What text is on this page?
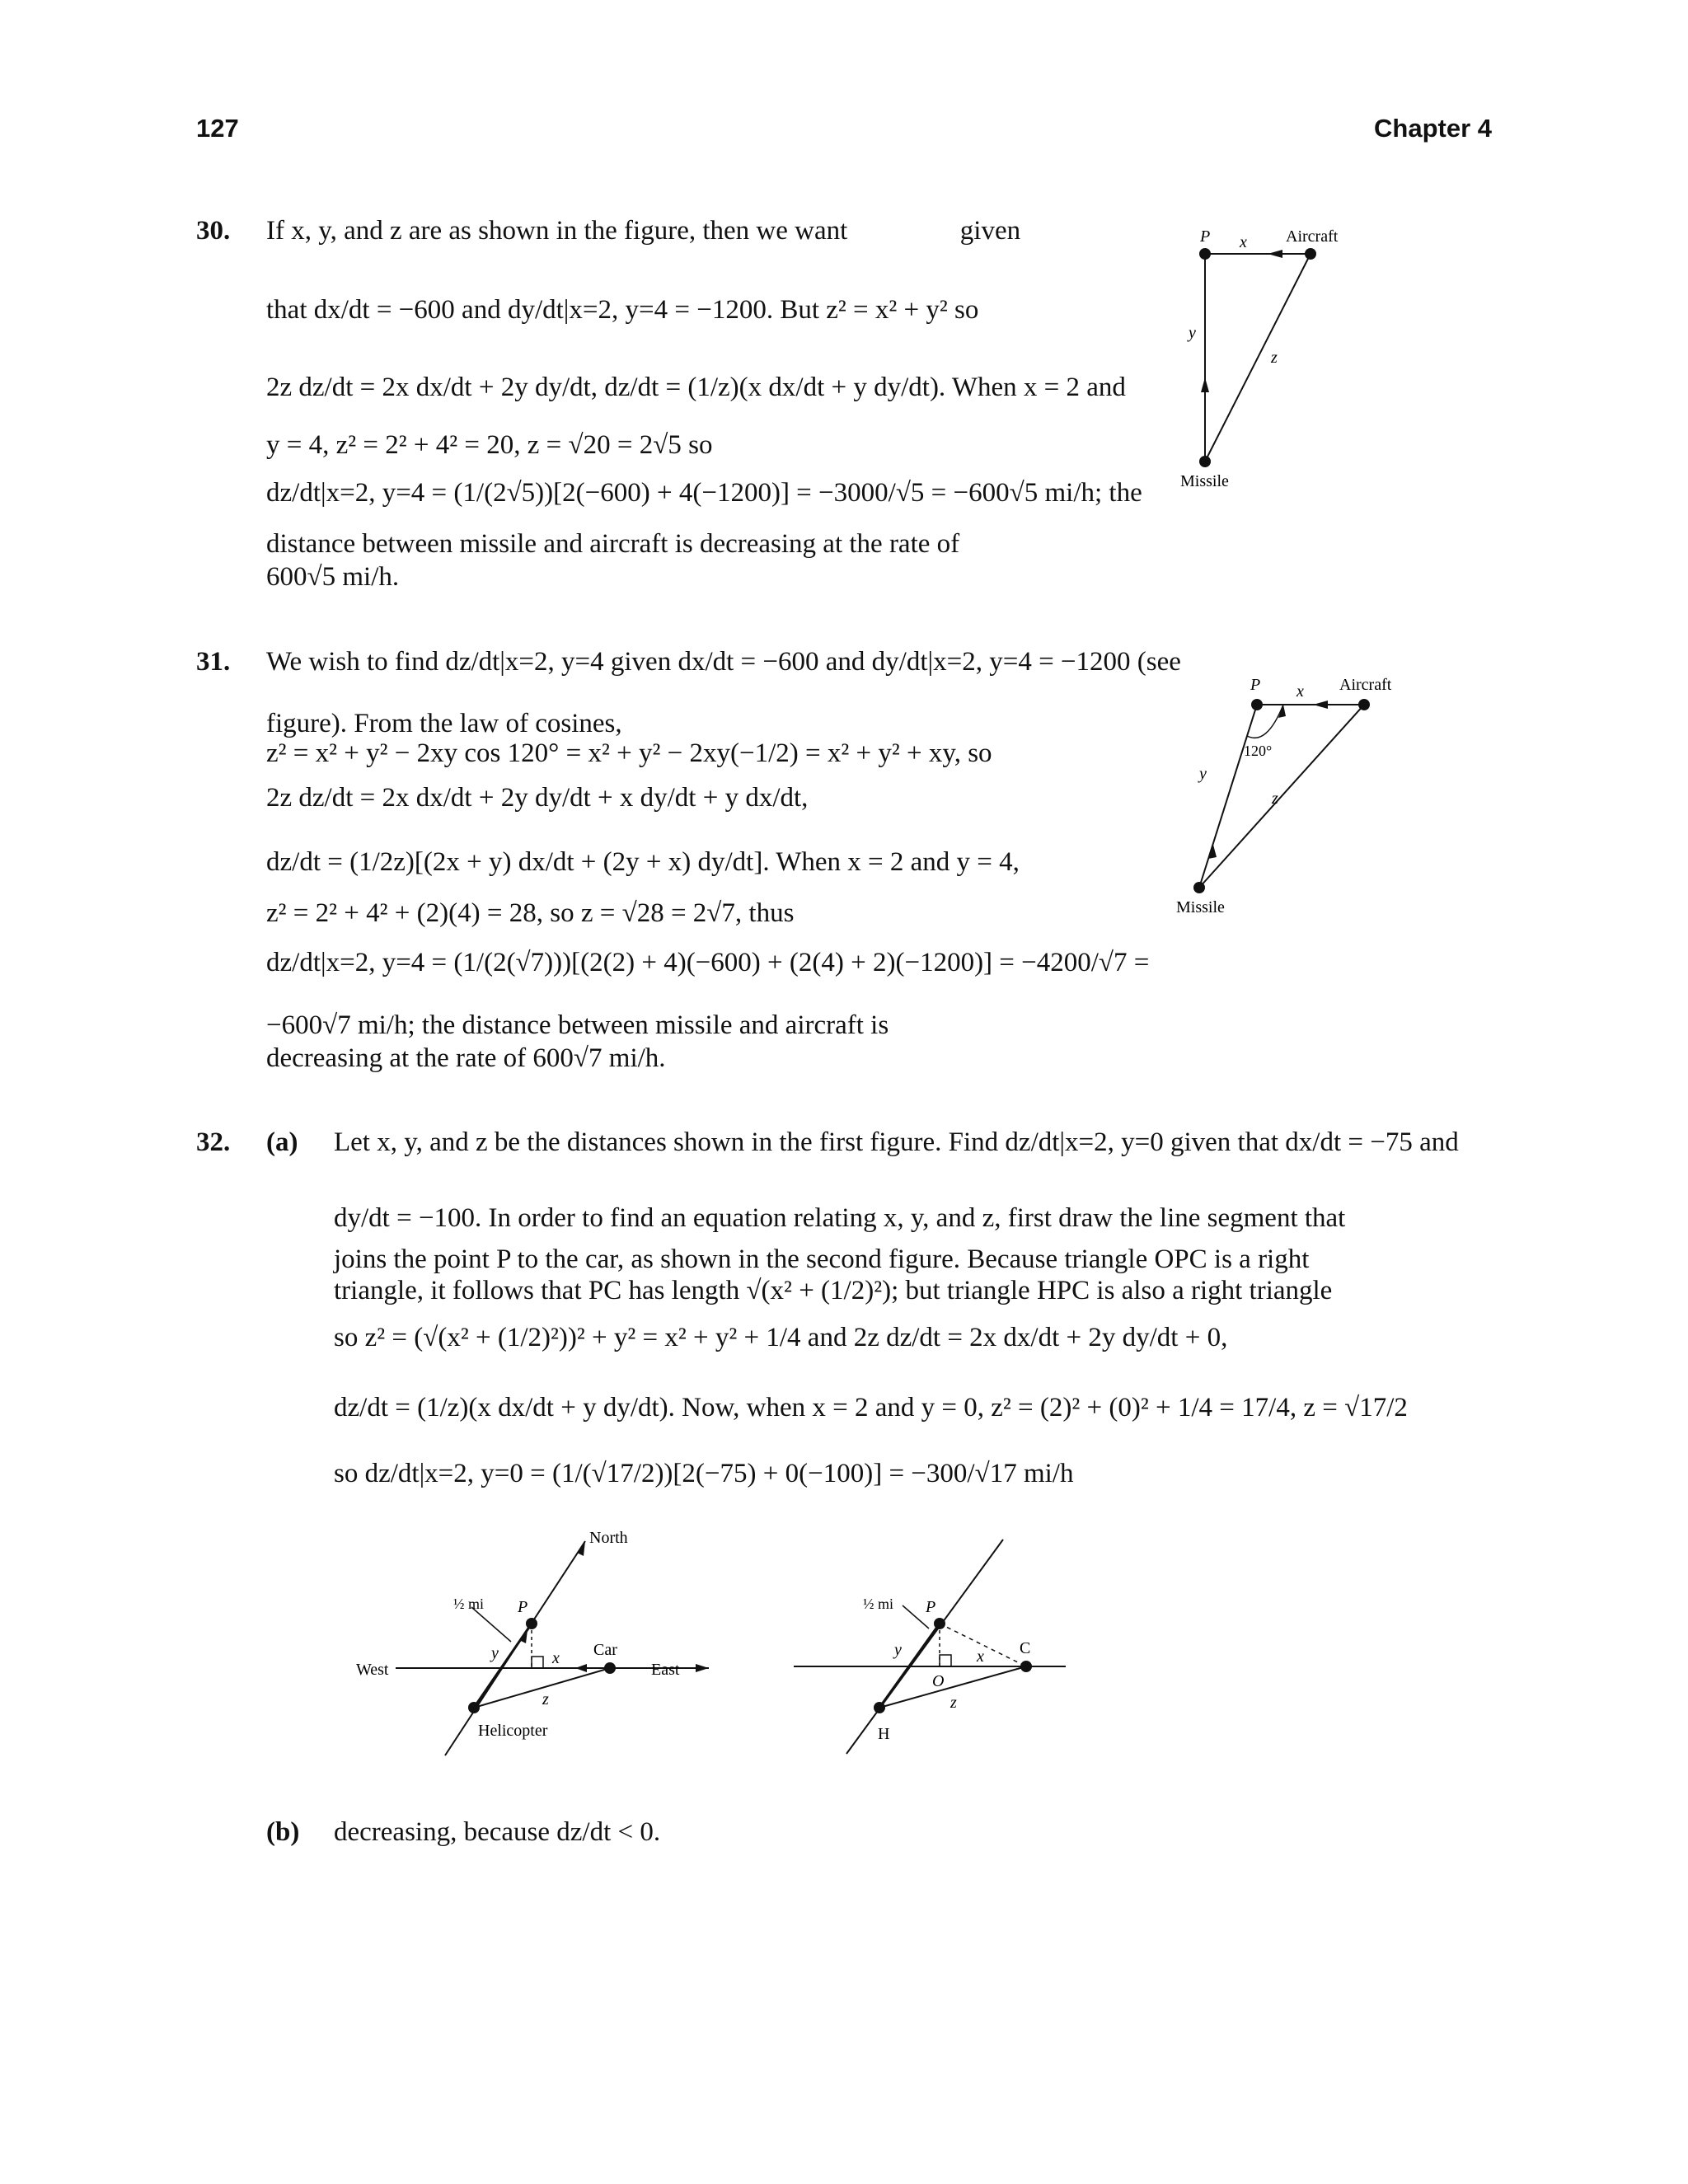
127	Chapter 4
30. If x, y, and z are as shown in the figure, then we want	given
that dx/dt = −600 and dy/dt|x=2, y=4 = −1200. But z² = x² + y² so
2z dz/dt = 2x dx/dt + 2y dy/dt, dz/dt = (1/z)(x dx/dt + y dy/dt). When x = 2 and
y = 4, z² = 2² + 4² = 20, z = √20 = 2√5 so
dz/dt|x=2, y=4 = (1/(2√5))[2(−600) + 4(−1200)] = −3000/√5 = −600√5 mi/h; the
distance between missile and aircraft is decreasing at the rate of
600√5 mi/h.
P x Aircraft
y
z
Missile
31. We wish to find dz/dt|x=2, y=4 given dx/dt = −600 and dy/dt|x=2, y=4 = −1200 (see
figure). From the law of cosines,
z² = x² + y² − 2xy cos 120° = x² + y² − 2xy(−1/2) = x² + y² + xy, so
2z dz/dt = 2x dx/dt + 2y dy/dt + x dy/dt + y dx/dt,
dz/dt = (1/2z)[(2x + y) dx/dt + (2y + x) dy/dt]. When x = 2 and y = 4,
z² = 2² + 4² + (2)(4) = 28, so z = √28 = 2√7, thus
dz/dt|x=2, y=4 = (1/(2(√7)))[(2(2) + 4)(−600) + (2(4) + 2)(−1200)] = −4200/√7 =
−600√7 mi/h; the distance between missile and aircraft is
decreasing at the rate of 600√7 mi/h.
P x Aircraft
120°
y
z
Missile
32. (a) Let x, y, and z be the distances shown in the first figure. Find dz/dt|x=2, y=0 given that dx/dt = −75 and
dy/dt = −100. In order to find an equation relating x, y, and z, first draw the line segment that
joins the point P to the car, as shown in the second figure. Because triangle OPC is a right
triangle, it follows that PC has length √(x² + (1/2)²); but triangle HPC is also a right triangle
so z² = (√(x² + (1/2)²))² + y² = x² + y² + 1/4 and 2z dz/dt = 2x dx/dt + 2y dy/dt + 0,
dz/dt = (1/z)(x dx/dt + y dy/dt). Now, when x = 2 and y = 0, z² = (2)² + (0)² + 1/4 = 17/4, z = √17/2
so dz/dt|x=2, y=0 = (1/(√17/2))[2(−75) + 0(−100)] = −300/√17 mi/h
North
½ mi P
West
y	x Car
East
z
Helicopter
½ mi P
y	x C
O
z
H
(b) decreasing, because dz/dt < 0.
